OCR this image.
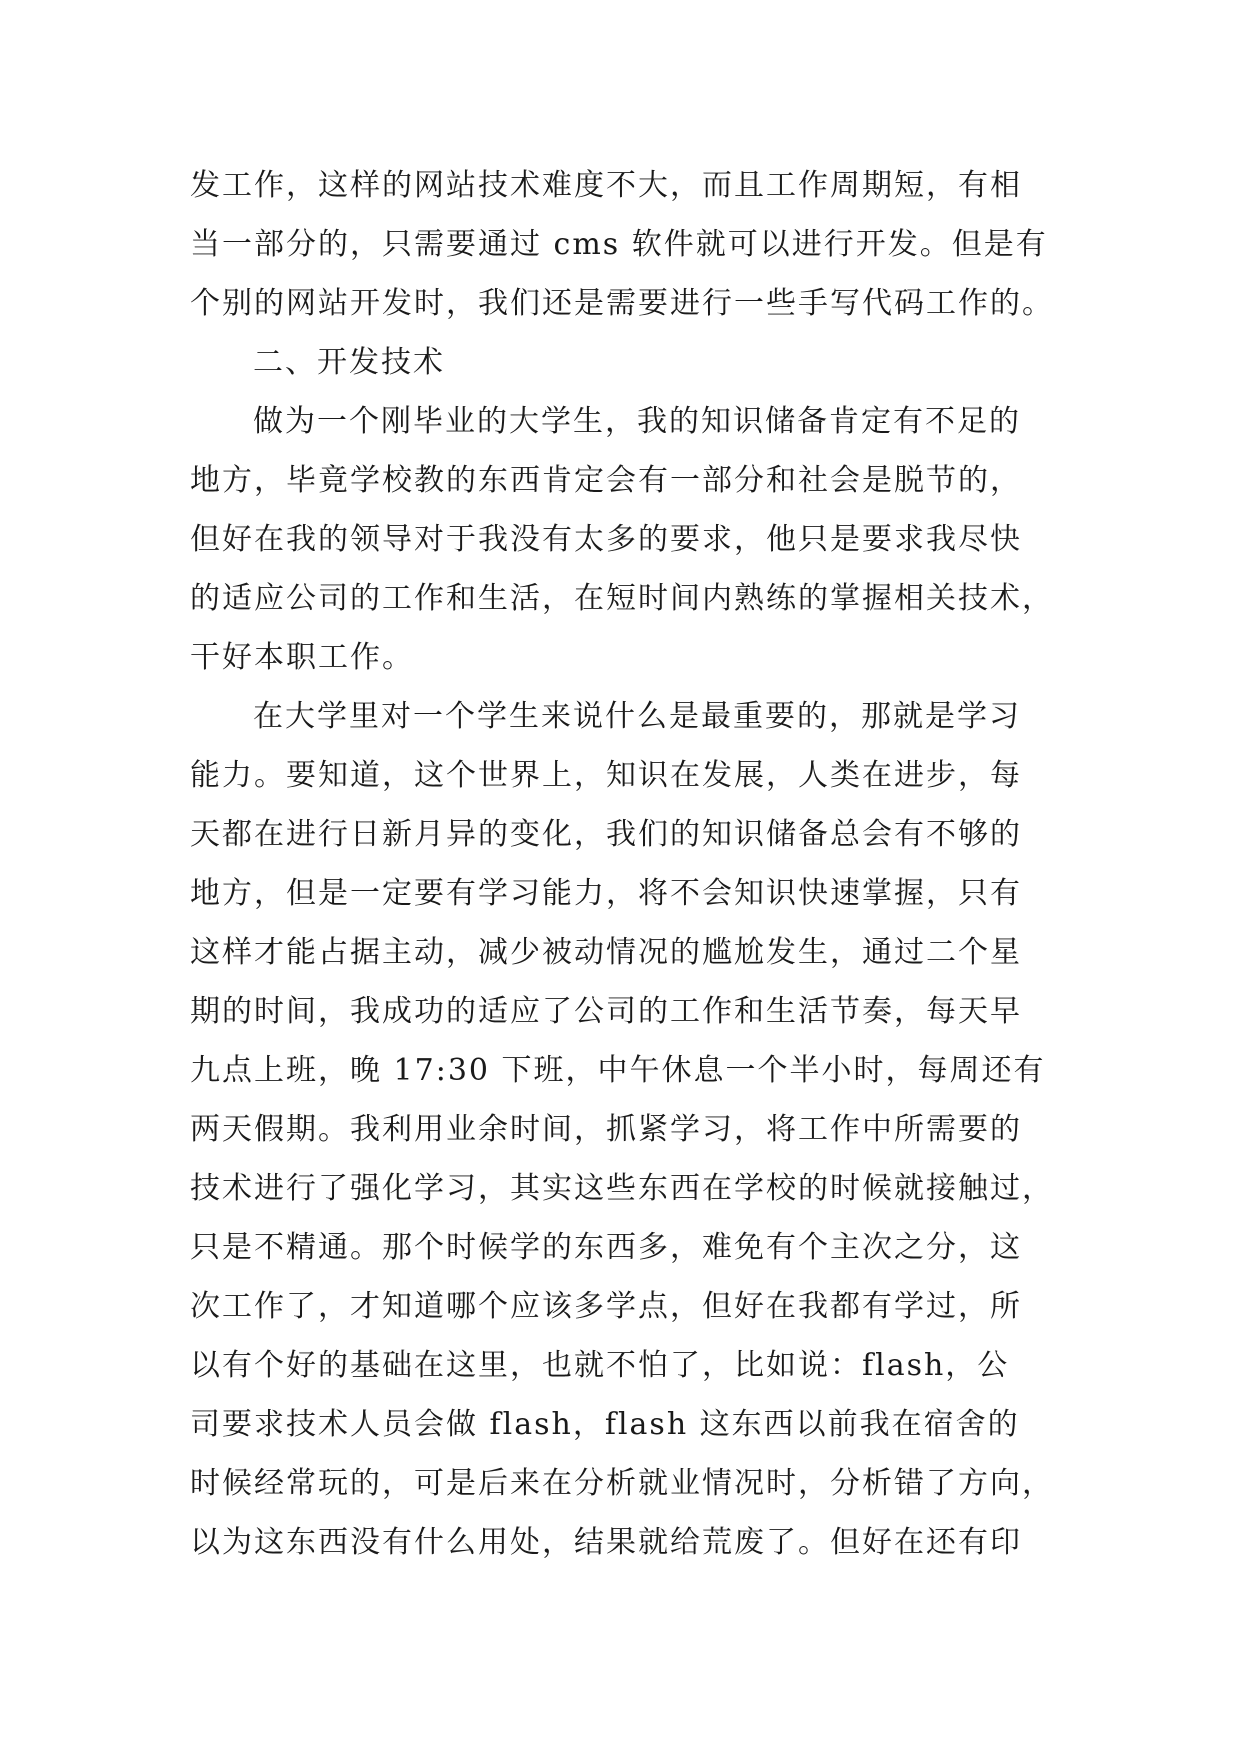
发工作，这样的网站技术难度不大，而且工作周期短，有相
当一部分的，只需要通过 cms 软件就可以进行开发。但是有
个别的网站开发时，我们还是需要进行一些手写代码工作的。
二、开发技术
做为一个刚毕业的大学生，我的知识储备肯定有不足的
地方，毕竟学校教的东西肯定会有一部分和社会是脱节的，
但好在我的领导对于我没有太多的要求，他只是要求我尽快
的适应公司的工作和生活，在短时间内熟练的掌握相关技术，
干好本职工作。
在大学里对一个学生来说什么是最重要的，那就是学习
能力。要知道，这个世界上，知识在发展，人类在进步，每
天都在进行日新月异的变化，我们的知识储备总会有不够的
地方，但是一定要有学习能力，将不会知识快速掌握，只有
这样才能占据主动，减少被动情况的尴尬发生，通过二个星
期的时间，我成功的适应了公司的工作和生活节奏，每天早
九点上班，晚 17:30 下班，中午休息一个半小时，每周还有
两天假期。我利用业余时间，抓紧学习，将工作中所需要的
技术进行了强化学习，其实这些东西在学校的时候就接触过，
只是不精通。那个时候学的东西多，难免有个主次之分，这
次工作了，才知道哪个应该多学点，但好在我都有学过，所
以有个好的基础在这里，也就不怕了，比如说：flash，公
司要求技术人员会做 flash，flash 这东西以前我在宿舍的
时候经常玩的，可是后来在分析就业情况时，分析错了方向，
以为这东西没有什么用处，结果就给荒废了。但好在还有印
